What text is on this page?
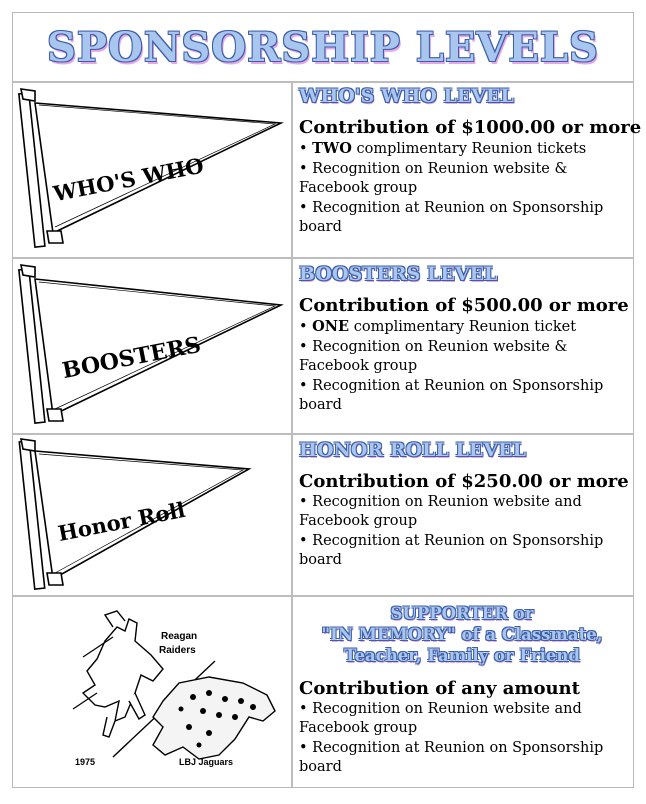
SPONSORSHIP LEVELS
WHO'S WHO
WHO'S WHO LEVEL
Contribution of $1000.00 or more
• TWO complimentary Reunion tickets
• Recognition on Reunion website & Facebook group
• Recognition at Reunion on Sponsorship board
BOOSTERS
BOOSTERS LEVEL
Contribution of $500.00 or more
• ONE complimentary Reunion ticket
• Recognition on Reunion website & Facebook group
• Recognition at Reunion on Sponsorship board
Honor Roll
HONOR ROLL LEVEL
Contribution of $250.00 or more
• Recognition on Reunion website and Facebook group
• Recognition at Reunion on Sponsorship board
Reagan
Raiders
1975	LBJ Jaguars
SUPPORTER or
"IN MEMORY" of a Classmate,
Teacher, Family or Friend
Contribution of any amount
• Recognition on Reunion website and Facebook group
• Recognition at Reunion on Sponsorship board
